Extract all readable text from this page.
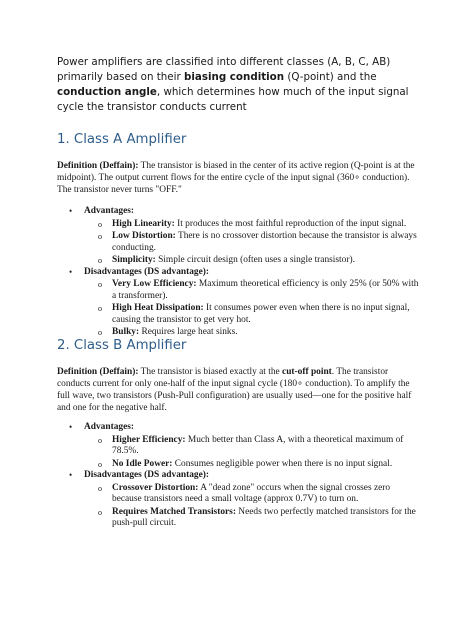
Power amplifiers are classified into different classes (A, B, C, AB) primarily based on their biasing condition (Q-point) and the conduction angle, which determines how much of the input signal cycle the transistor conducts current
1. Class A Amplifier

Definition (Deffain): The transistor is biased in the center of its active region (Q-point is at the midpoint). The output current flows for the entire cycle of the input signal (360∘ conduction). The transistor never turns "OFF."

• Advantages:
o High Linearity: It produces the most faithful reproduction of the input signal.
o Low Distortion: There is no crossover distortion because the transistor is always conducting.
o Simplicity: Simple circuit design (often uses a single transistor).
• Disadvantages (DS advantage):
o Very Low Efficiency: Maximum theoretical efficiency is only 25% (or 50% with a transformer).
o High Heat Dissipation: It consumes power even when there is no input signal, causing the transistor to get very hot.
o Bulky: Requires large heat sinks.
2. Class B Amplifier

Definition (Deffain): The transistor is biased exactly at the cut-off point. The transistor conducts current for only one-half of the input signal cycle (180∘ conduction). To amplify the full wave, two transistors (Push-Pull configuration) are usually used—one for the positive half and one for the negative half.

• Advantages:
o Higher Efficiency: Much better than Class A, with a theoretical maximum of 78.5%.
o No Idle Power: Consumes negligible power when there is no input signal.
• Disadvantages (DS advantage):
o Crossover Distortion: A "dead zone" occurs when the signal crosses zero because transistors need a small voltage (approx 0.7V) to turn on.
o Requires Matched Transistors: Needs two perfectly matched transistors for the push-pull circuit.
